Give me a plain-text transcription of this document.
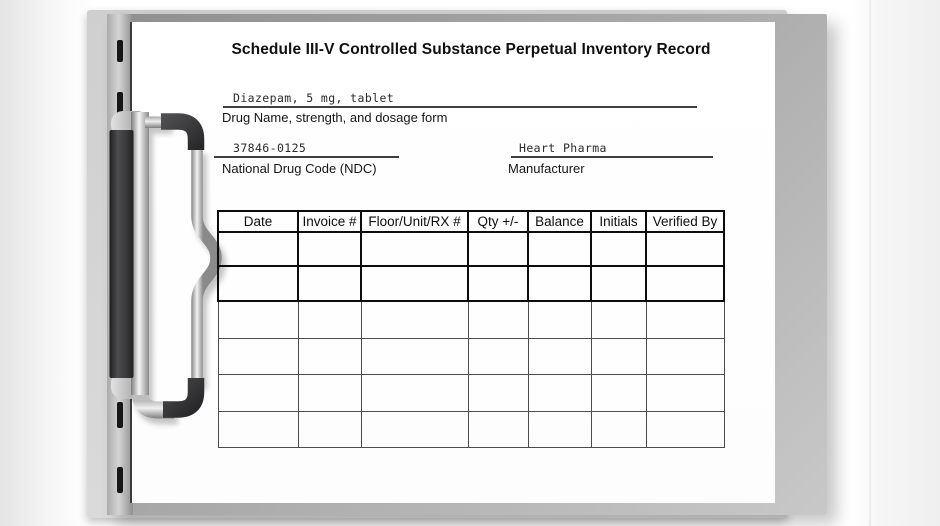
Schedule III-V Controlled Substance Perpetual Inventory Record
Diazepam, 5 mg, tablet
Drug Name, strength, and dosage form
37846-0125
National Drug Code (NDC)
Heart Pharma
Manufacturer
Date	Invoice #	Floor/Unit/RX #	Qty +/-	Balance	Initials	Verified By
